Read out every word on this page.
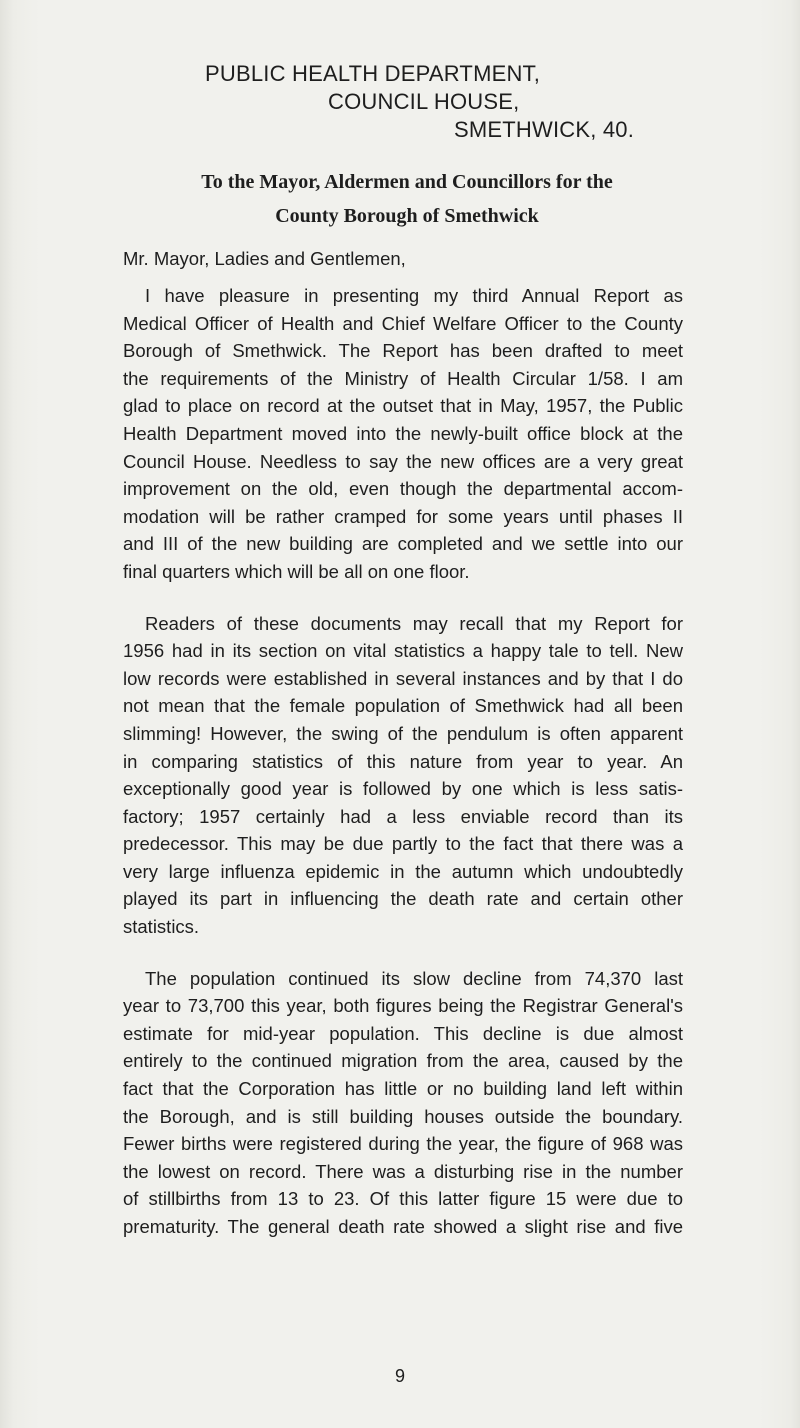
PUBLIC HEALTH DEPARTMENT,
COUNCIL HOUSE,
SMETHWICK, 40.
To the Mayor, Aldermen and Councillors for the
County Borough of Smethwick
Mr. Mayor, Ladies and Gentlemen,
I have pleasure in presenting my third Annual Report as
Medical Officer of Health and Chief Welfare Officer to the County
Borough of Smethwick. The Report has been drafted to meet
the requirements of the Ministry of Health Circular 1/58. I am
glad to place on record at the outset that in May, 1957, the Public
Health Department moved into the newly-built office block at the
Council House. Needless to say the new offices are a very great
improvement on the old, even though the departmental accom-
modation will be rather cramped for some years until phases II
and III of the new building are completed and we settle into our
final quarters which will be all on one floor.
Readers of these documents may recall that my Report for
1956 had in its section on vital statistics a happy tale to tell. New
low records were established in several instances and by that I do
not mean that the female population of Smethwick had all been
slimming! However, the swing of the pendulum is often apparent
in comparing statistics of this nature from year to year. An
exceptionally good year is followed by one which is less satis-
factory; 1957 certainly had a less enviable record than its
predecessor. This may be due partly to the fact that there was a
very large influenza epidemic in the autumn which undoubtedly
played its part in influencing the death rate and certain other
statistics.
The population continued its slow decline from 74,370 last
year to 73,700 this year, both figures being the Registrar General's
estimate for mid-year population. This decline is due almost
entirely to the continued migration from the area, caused by the
fact that the Corporation has little or no building land left within
the Borough, and is still building houses outside the boundary.
Fewer births were registered during the year, the figure of 968 was
the lowest on record. There was a disturbing rise in the number
of stillbirths from 13 to 23. Of this latter figure 15 were due to
prematurity. The general death rate showed a slight rise and five
9
